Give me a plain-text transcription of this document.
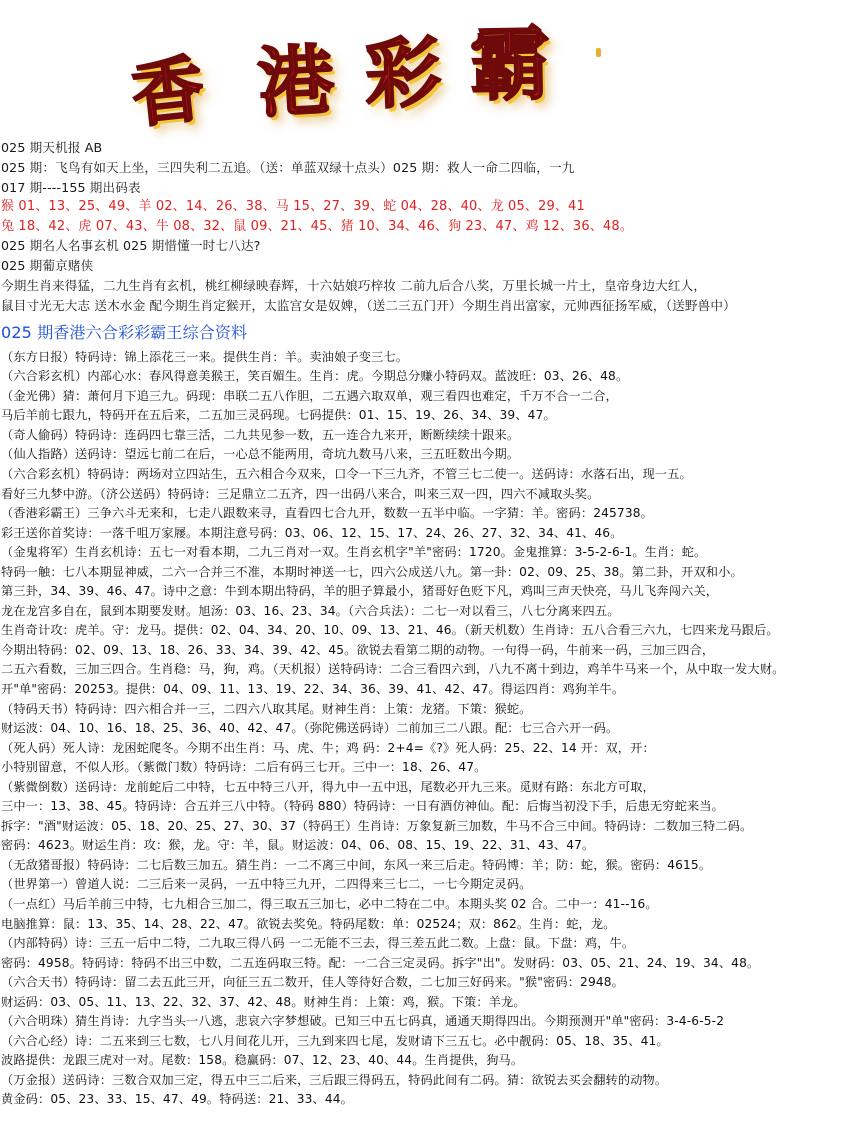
香 港 彩 霸
025 期天机报 AB
025 期：飞鸟有如天上坐，三四失利二五追。（送：单蓝双绿十点头）025 期：救人一命二四临，一九
017 期----155 期出码表
猴 01、13、25、49、羊 02、14、26、38、马 15、27、39、蛇 04、28、40、龙 05、29、41
兔 18、42、虎 07、43、牛 08、32、鼠 09、21、45、猪 10、34、46、狗 23、47、鸡 12、36、48。
025 期名人名事玄机 025 期惜懂一时七八达?
025 期葡京赌侠
今期生肖来得猛，二九生肖有玄机，桃红柳绿映春辉，十六姑娘巧梓妆 二前九后合八奖，万里长城一片土，皇帝身边大红人，
鼠目寸光无大志 送木水金 配今期生肖定猴开，太监宫女是奴婢，（送二三五门开）今期生肖出富家，元帅西征扬军威，（送野兽中）
025 期香港六合彩彩霸王综合资料
（东方日报）特码诗：锦上添花三一来。提供生肖：羊。卖油娘子变三七。
（六合彩玄机）内部心水：春风得意美猴王，笑百媚生。生肖：虎。今期总分赚小特码双。蓝波旺：03、26、48。
（金光佛）猜：萧何月下追三九。码现：串联二五八作胆，二五遇六取双单，观三看四也难定，千万不合一二合，
马后羊前七跟九，特码开在五后来，二五加三灵码现。七码提供：01、15、19、26、34、39、47。
（奇人偷码）特码诗：连码四七靠三活，二九共见参一数，五一连合九来开，断断续续十跟来。
（仙人指路）送码诗：望远七前二在后，一心总不能两用，奇坑九数马八来，三五旺数出今期。
（六合彩玄机）特码诗：两场对立四站生，五六相合今双来，口令一下三九齐，不管三七二使一。送码诗：水落石出，现一五。
看好三九梦中游。（济公送码）特码诗：三足鼎立二五齐，四一出码八来合，叫来三双一四，四六不减取头奖。
（香港彩霸王）三争六斗无来和，七走八跟数来寻，直看四七合九开，数数一五半中临。一字猜：羊。密码：245738。
彩王送你首奖诗：一落千咀万家屦。本期注意号码：03、06、12、15、17、24、26、27、32、34、41、46。
（金鬼将军）生肖玄机诗：五七一对看本期，二九三肖对一双。生肖玄机字"羊"密码：1720。金鬼推算：3-5-2-6-1。生肖：蛇。
特码一触：七八本期显神威，二六一合并三不准，本期时神送一七，四六公成送八九。第一卦：02、09、25、38。第二卦，开双和小。
第三卦，34、39、46、47。诗中之意：牛到本期出特码，羊的胆子算最小，猪哥好色贬下凡，鸡叫三声天快亮，马儿飞奔闯六关，
龙在龙宫多自在，鼠到本期要发财。旭汤：03、16、23、34。（六合兵法）：二七一对以看三，八七分离来四五。
生肖奇计攻：虎羊。守：龙马。提供：02、04、34、20、10、09、13、21、46。（新天机数）生肖诗：五八合看三六九，七四来龙马跟后。
今期出特码：02、09、13、18、26、33、34、39、42、45。欲锐去看第二期的动物。一句得一码，牛前来一码，三加三四合，
二五六看数，三加三四合。生肖稳：马，狗，鸡。（天机报）送特码诗：二合三看四六到，八九不离十到边，鸡羊牛马来一个，从中取一发大财。
开"单"密码：20253。提供：04、09、11、13、19、22、34、36、39、41、42、47。得运四肖：鸡狗羊牛。
（特码天书）特码诗：四六相合并一三，二四六八取其尾。财神生肖：上策：龙猪。下策：猴蛇。
财运波：04、10、16、18、25、36、40、42、47。（弥陀佛送码诗）二前加三二八跟。配：七三合六开一码。
（死人码）死人诗：龙困蛇爬冬。今期不出生肖：马、虎、牛；鸡 码：2+4=《?》死人码：25、22、14 开：双，开：
小特别留意，不似人形。（紫微门数）特码诗：二后有码三七开。三中一：18、26、47。
（紫微倒数）送码诗：龙前蛇后二中特，七五中特三八开，得九中一五中迅，尾数必开九三来。觅财有路：东北方可取，
三中一：13、38、45。特码诗：合五并三八中特。（特码 880）特码诗：一日有酒仿神仙。配：后悔当初没下手，后患无穷蛇来当。
拆字："酒"财运波：05、18、20、25、27、30、37（特码王）生肖诗：万象复新三加数，牛马不合三中间。特码诗：二数加三特二码。
密码：4623。财运生肖：攻：猴，龙。守：羊，鼠。财运波：04、06、08、15、19、22、31、43、47。
（无敌猪哥报）特码诗：二七后数三加五。猜生肖：一二不离三中间，东风一来三后走。特码博：羊；防：蛇，猴。密码：4615。
（世界第一）曾道人说：二三后来一灵码，一五中特三九开，二四得来三七二，一七今期定灵码。
（一点红）马后羊前三中特，七九相合三加二，得三取五三加七，必中二特在二中。本期头奖 02 合。二中一：41--16。
电脑推算：鼠：13、35、14、28、22、47。欲锐去奖免。特码尾数：单：02524；双：862。生肖：蛇，龙。
（内部特码）诗：三五一后中二特，二九取三得八码 一二无能不三去，得三差五此二数。上盘：鼠。下盘：鸡，牛。
密码：4958。特码诗：特码不出三中数，二五连码取三特。配：一二合三定灵码。拆字"出"。发财码：03、05、21、24、19、34、48。
（六合天书）特码诗：留二去五此三开，向征三五二数开，佳人等待好合数，二七加三好码来。"猴"密码：2948。
财运码：03、05、11、13、22、32、37、42、48。财神生肖：上策：鸡，猴。下策：羊龙。
（六合明珠）猜生肖诗：九字当头一八逃，悲哀六字梦想破。已知三中五七码真，通通天期得四出。今期预测开"单"密码：3-4-6-5-2
（六合心经）诗：二五来到三七数，七八月间花儿开，三九到来四七尾，发财请下三五七。必中靓码：05、18、35、41。
波路提供：龙跟三虎对一对。尾数：158。稳赢码：07、12、23、40、44。生肖提供，狗马。
（万金报）送码诗：三数合双加三定，得五中三二后来，三后跟三得码五，特码此间有二码。猜：欲锐去买会翻转的动物。
黄金码：05、23、33、15、47、49。特码送：21、33、44。
